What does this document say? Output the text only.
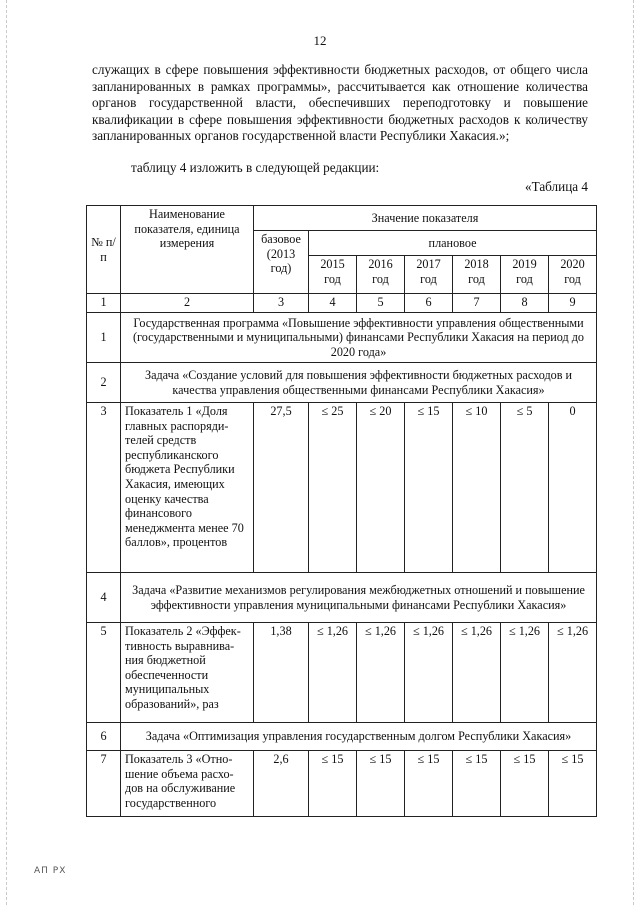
12

служащих в сфере повышения эффективности бюджетных расходов, от общего числа запланированных в рамках программы», рассчитывается как отношение количества органов государственной власти, обеспечивших переподготовку и повышение квалификации в сфере повышения эффективности бюджетных расходов к количеству запланированных органов государственной власти Республики Хакасия.»;

таблицу 4 изложить в следующей редакции:
«Таблица 4
№ п/п	Наименование показателя, единица измерения	Значение показателя						
		базовое (2013 год)	плановое					
			2015 год	2016 год	2017 год	2018 год	2019 год	2020 год
1	2	3	4	5	6	7	8	9
1	Государственная программа «Повышение эффективности управления общественными (государственными и муниципальными) финансами Республики Хакасия на период до 2020 года»							
2	Задача «Создание условий для повышения эффективности бюджетных расходов и качества управления общественными финансами Республики Хакасия»							
3	Показатель 1 «Доля главных распоряди-телей средств республиканского бюджета Республики Хакасия, имеющих оценку качества финансового менеджмента менее 70 баллов», процентов	27,5	≤ 25	≤ 20	≤ 15	≤ 10	≤ 5	0
4	Задача «Развитие механизмов регулирования межбюджетных отношений и повышение эффективности управления муниципальными финансами Республики Хакасия»							
5	Показатель 2 «Эффек-тивность выравнива-ния бюджетной обеспеченности муниципальных образований», раз	1,38	≤ 1,26	≤ 1,26	≤ 1,26	≤ 1,26	≤ 1,26	≤ 1,26
6	Задача «Оптимизация управления государственным долгом Республики Хакасия»							
7	Показатель 3 «Отно-шение объема расхо-дов на обслуживание государственного	2,6	≤ 15	≤ 15	≤ 15	≤ 15	≤ 15	≤ 15
АП РХ
